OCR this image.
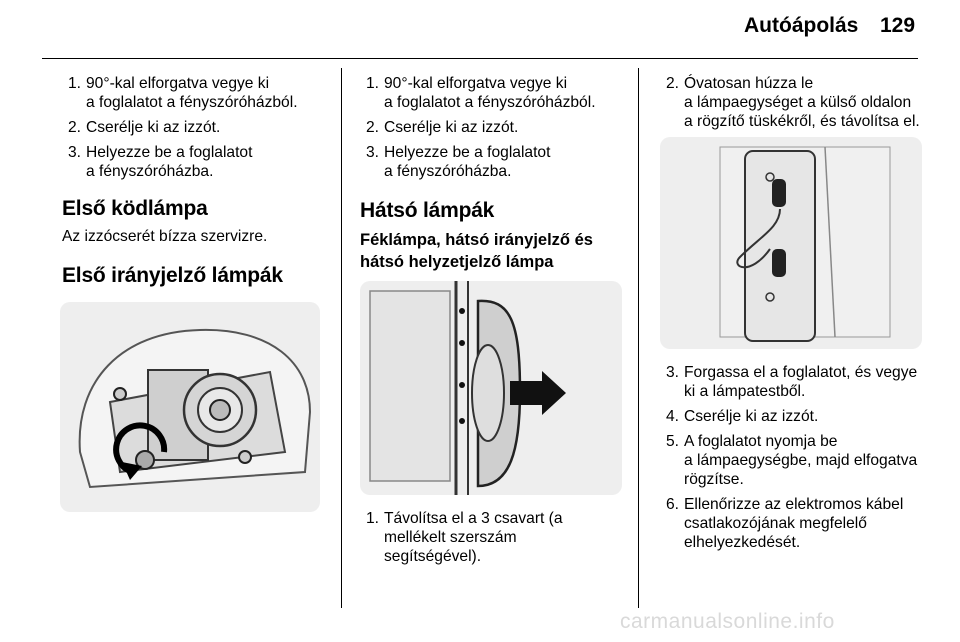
Autóápolás 129
1. 90°-kal elforgatva vegye ki
a foglalatot a fényszóróházból.
2. Cserélje ki az izzót.
3. Helyezze be a foglalatot
a fényszóróházba.
Első ködlámpa

Az izzócserét bízza szervizre.

Első irányjelző lámpák
1. 90°-kal elforgatva vegye ki
a foglalatot a fényszóróházból.
2. Cserélje ki az izzót.
3. Helyezze be a foglalatot
a fényszóróházba.
Hátsó lámpák
Féklámpa, hátsó irányjelző és
hátsó helyzetjelző lámpa
1. Távolítsa el a 3 csavart (a
mellékelt szerszám
segítségével).
2. Óvatosan húzza le
a lámpaegységet a külső oldalon
a rögzítő tüskékről, és távolítsa el.
3. Forgassa el a foglalatot, és vegye
ki a lámpatestből.
4. Cserélje ki az izzót.
5. A foglalatot nyomja be
a lámpaegységbe, majd elfogatva
rögzítse.
6. Ellenőrizze az elektromos kábel
csatlakozójának megfelelő
elhelyezkedését.
carmanualsonline.info
